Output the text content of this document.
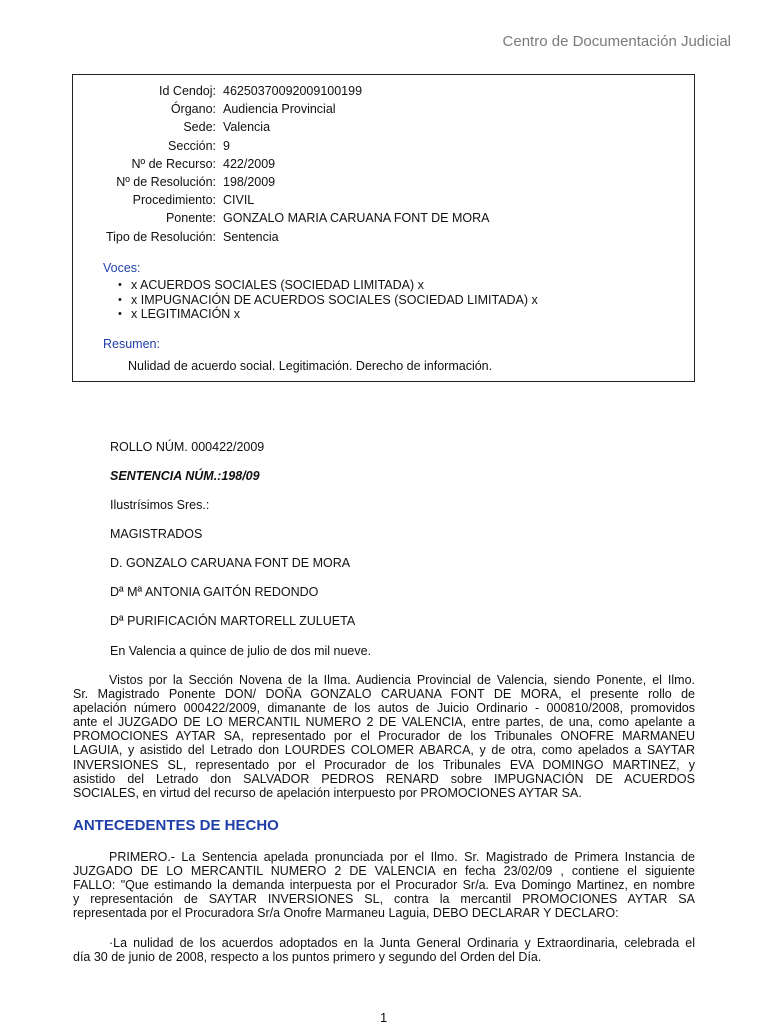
Centro de Documentación Judicial
Id Cendoj: 46250370092009100199
Órgano: Audiencia Provincial
Sede: Valencia
Sección: 9
Nº de Recurso: 422/2009
Nº de Resolución: 198/2009
Procedimiento: CIVIL
Ponente: GONZALO MARIA CARUANA FONT DE MORA
Tipo de Resolución: Sentencia
Voces:
• x ACUERDOS SOCIALES (SOCIEDAD LIMITADA) x
• x IMPUGNACIÓN DE ACUERDOS SOCIALES (SOCIEDAD LIMITADA) x
• x LEGITIMACIÓN x
Resumen:
Nulidad de acuerdo social. Legitimación. Derecho de información.
ROLLO NÚM. 000422/2009
SENTENCIA NÚM.:198/09
Ilustrísimos Sres.:
MAGISTRADOS
D. GONZALO CARUANA FONT DE MORA
Dª Mª ANTONIA GAITÓN REDONDO
Dª PURIFICACIÓN MARTORELL ZULUETA
En Valencia a quince de julio de dos mil nueve.
Vistos por la Sección Novena de la Ilma. Audiencia Provincial de Valencia, siendo Ponente, el Ilmo.
Sr. Magistrado Ponente DON/ DOÑA GONZALO CARUANA FONT DE MORA, el presente rollo de
apelación número 000422/2009, dimanante de los autos de Juicio Ordinario - 000810/2008, promovidos
ante el JUZGADO DE LO MERCANTIL NUMERO 2 DE VALENCIA, entre partes, de una, como apelante a
PROMOCIONES AYTAR SA, representado por el Procurador de los Tribunales ONOFRE MARMANEU
LAGUIA, y asistido del Letrado don LOURDES COLOMER ABARCA, y de otra, como apelados a SAYTAR
INVERSIONES SL, representado por el Procurador de los Tribunales EVA DOMINGO MARTINEZ, y
asistido del Letrado don SALVADOR PEDROS RENARD sobre IMPUGNACIÓN DE ACUERDOS
SOCIALES, en virtud del recurso de apelación interpuesto por PROMOCIONES AYTAR SA.
ANTECEDENTES DE HECHO
PRIMERO.- La Sentencia apelada pronunciada por el Ilmo. Sr. Magistrado de Primera Instancia de
JUZGADO DE LO MERCANTIL NUMERO 2 DE VALENCIA en fecha 23/02/09 , contiene el siguiente
FALLO: "Que estimando la demanda interpuesta por el Procurador Sr/a. Eva Domingo Martinez, en nombre
y representación de SAYTAR INVERSIONES SL, contra la mercantil PROMOCIONES AYTAR SA
representada por el Procuradora Sr/a Onofre Marmaneu Laguia, DEBO DECLARAR Y DECLARO:
·La nulidad de los acuerdos adoptados en la Junta General Ordinaria y Extraordinaria, celebrada el
día 30 de junio de 2008, respecto a los puntos primero y segundo del Orden del Día.
1
